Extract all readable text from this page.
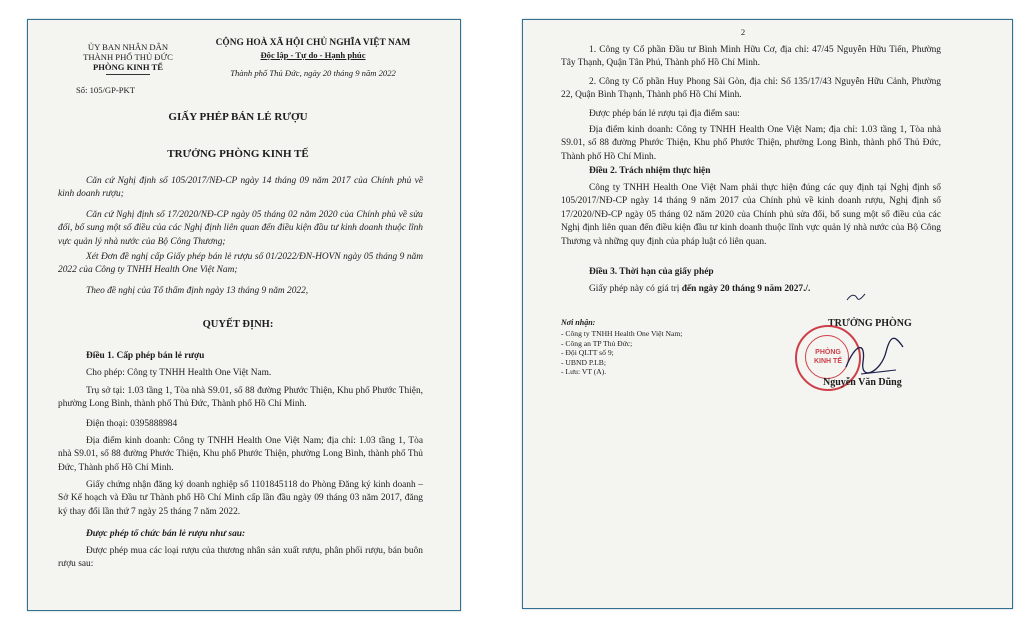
ỦY BAN NHÂN DÂN
THÀNH PHỐ THỦ ĐỨC
PHÒNG KINH TẾ
Số: 105/GP-PKT
CỘNG HOÀ XÃ HỘI CHỦ NGHĨA VIỆT NAM
Độc lập - Tự do - Hạnh phúc
Thành phố Thủ Đức, ngày 20 tháng 9 năm 2022
GIẤY PHÉP BÁN LẺ RƯỢU
TRƯỞNG PHÒNG KINH TẾ
Căn cứ Nghị định số 105/2017/NĐ-CP ngày 14 tháng 09 năm 2017 của Chính phủ về kinh doanh rượu;
Căn cứ Nghị định số 17/2020/NĐ-CP ngày 05 tháng 02 năm 2020 của Chính phủ về sửa đổi, bổ sung một số điều của các Nghị định liên quan đến điều kiện đầu tư kinh doanh thuộc lĩnh vực quản lý nhà nước của Bộ Công Thương;
Xét Đơn đề nghị cấp Giấy phép bán lẻ rượu số 01/2022/ĐN-HOVN ngày 05 tháng 9 năm 2022 của Công ty TNHH Health One Việt Nam;
Theo đề nghị của Tổ thẩm định ngày 13 tháng 9 năm 2022,
QUYẾT ĐỊNH:
Điều 1. Cấp phép bán lẻ rượu
Cho phép: Công ty TNHH Health One Việt Nam.
Trụ sở tại: 1.03 tầng 1, Tòa nhà S9.01, số 88 đường Phước Thiện, Khu phố Phước Thiện, phường Long Bình, thành phố Thủ Đức, Thành phố Hồ Chí Minh.
Điện thoại: 0395888984
Địa điểm kinh doanh: Công ty TNHH Health One Việt Nam; địa chỉ: 1.03 tầng 1, Tòa nhà S9.01, số 88 đường Phước Thiện, Khu phố Phước Thiện, phường Long Bình, thành phố Thủ Đức, Thành phố Hồ Chí Minh.
Giấy chứng nhận đăng ký doanh nghiệp số 1101845118 do Phòng Đăng ký kinh doanh – Sở Kế hoạch và Đầu tư Thành phố Hồ Chí Minh cấp lần đầu ngày 09 tháng 03 năm 2017, đăng ký thay đổi lần thứ 7 ngày 25 tháng 7 năm 2022.
Được phép tổ chức bán lẻ rượu như sau:
Được phép mua các loại rượu của thương nhân sản xuất rượu, phân phối rượu, bán buôn rượu sau:
2
1. Công ty Cổ phần Đầu tư Bình Minh Hữu Cơ, địa chỉ: 47/45 Nguyễn Hữu Tiến, Phường Tây Thạnh, Quận Tân Phú, Thành phố Hồ Chí Minh.
2. Công ty Cổ phần Huy Phong Sài Gòn, địa chỉ: Số 135/17/43 Nguyễn Hữu Cảnh, Phường 22, Quận Bình Thạnh, Thành phố Hồ Chí Minh.
Được phép bán lẻ rượu tại địa điểm sau:
Địa điểm kinh doanh: Công ty TNHH Health One Việt Nam; địa chỉ: 1.03 tầng 1, Tòa nhà S9.01, số 88 đường Phước Thiện, Khu phố Phước Thiện, phường Long Bình, thành phố Thủ Đức, Thành phố Hồ Chí Minh.
Điều 2. Trách nhiệm thực hiện
Công ty TNHH Health One Việt Nam phải thực hiện đúng các quy định tại Nghị định số 105/2017/NĐ-CP ngày 14 tháng 9 năm 2017 của Chính phủ về kinh doanh rượu, Nghị định số 17/2020/NĐ-CP ngày 05 tháng 02 năm 2020 của Chính phủ sửa đổi, bổ sung một số điều của các Nghị định liên quan đến điều kiện đầu tư kinh doanh thuộc lĩnh vực quản lý nhà nước của Bộ Công Thương và những quy định của pháp luật có liên quan.
Điều 3. Thời hạn của giấy phép
Giấy phép này có giá trị đến ngày 20 tháng 9 năm 2027./.
Nơi nhận:
- Công ty TNHH Health One Việt Nam;
- Công an TP Thủ Đức;
- Đội QLTT số 9;
- UBND P.LB;
- Lưu: VT (A).
TRƯỞNG PHÒNG
PHÒNG
KINH TẾ
Nguyễn Văn Dũng
